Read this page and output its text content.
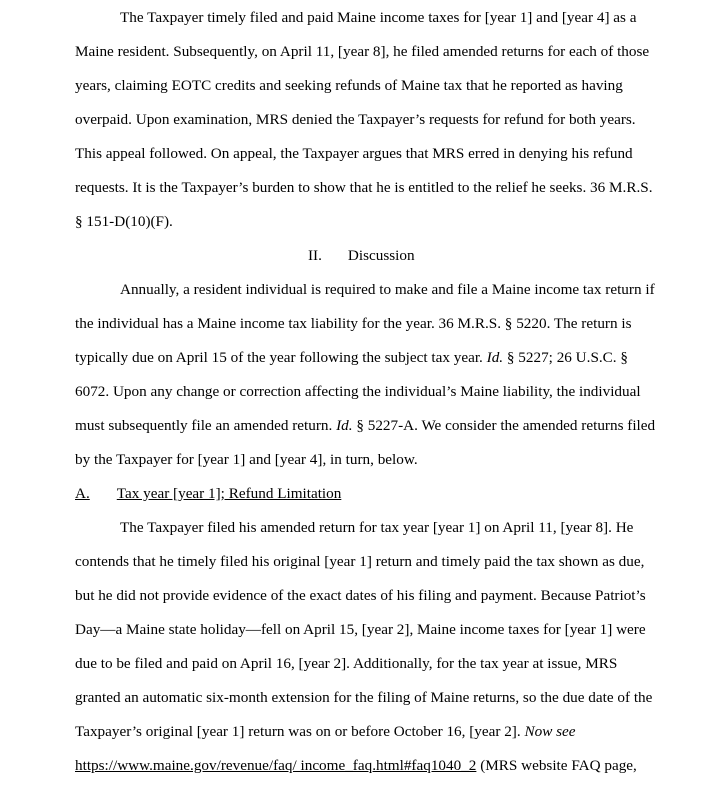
The Taxpayer timely filed and paid Maine income taxes for [year 1] and [year 4] as a
Maine resident. Subsequently, on April 11, [year 8], he filed amended returns for each of those
years, claiming EOTC credits and seeking refunds of Maine tax that he reported as having
overpaid. Upon examination, MRS denied the Taxpayer’s requests for refund for both years.
This appeal followed. On appeal, the Taxpayer argues that MRS erred in denying his refund
requests. It is the Taxpayer’s burden to show that he is entitled to the relief he seeks. 36 M.R.S.
§ 151-D(10)(F).
II. Discussion
Annually, a resident individual is required to make and file a Maine income tax return if
the individual has a Maine income tax liability for the year. 36 M.R.S. § 5220. The return is
typically due on April 15 of the year following the subject tax year. Id. § 5227; 26 U.S.C. §
6072. Upon any change or correction affecting the individual’s Maine liability, the individual
must subsequently file an amended return. Id. § 5227-A. We consider the amended returns filed
by the Taxpayer for [year 1] and [year 4], in turn, below.
A. Tax year [year 1]; Refund Limitation
The Taxpayer filed his amended return for tax year [year 1] on April 11, [year 8]. He
contends that he timely filed his original [year 1] return and timely paid the tax shown as due,
but he did not provide evidence of the exact dates of his filing and payment. Because Patriot’s
Day—a Maine state holiday—fell on April 15, [year 2], Maine income taxes for [year 1] were
due to be filed and paid on April 16, [year 2]. Additionally, for the tax year at issue, MRS
granted an automatic six-month extension for the filing of Maine returns, so the due date of the
Taxpayer’s original [year 1] return was on or before October 16, [year 2]. Now see
https://www.maine.gov/revenue/faq/ income_faq.html#faq1040_2 (MRS website FAQ page,
